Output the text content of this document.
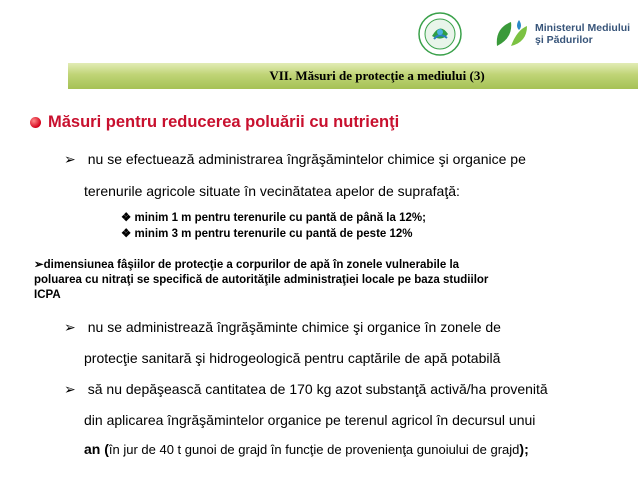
Ministerul Mediului
şi Pădurilor
VII. Măsuri de protecţie a mediului (3)
Măsuri pentru reducerea poluării cu nutrienţi
➢ nu se efectuează administrarea îngrăşămintelor chimice şi organice pe
terenurile agricole situate în vecinătatea apelor de suprafaţă:
❖ minim 1 m pentru terenurile cu pantă de până la 12%;
❖ minim 3 m pentru terenurile cu pantă de peste 12%
➢dimensiunea fâşiilor de protecţie a corpurilor de apă în zonele vulnerabile la
poluarea cu nitraţi se specifică de autorităţile administraţiei locale pe baza studiilor
ICPA
➢ nu se administrează îngrăşăminte chimice şi organice în zonele de
protecţie sanitară şi hidrogeologică pentru captările de apă potabilă
➢ să nu depăşească cantitatea de 170 kg azot substanţă activă/ha provenită
din aplicarea îngrăşămintelor organice pe terenul agricol în decursul unui
an (în jur de 40 t gunoi de grajd în funcţie de provenienţa gunoiului de grajd);
